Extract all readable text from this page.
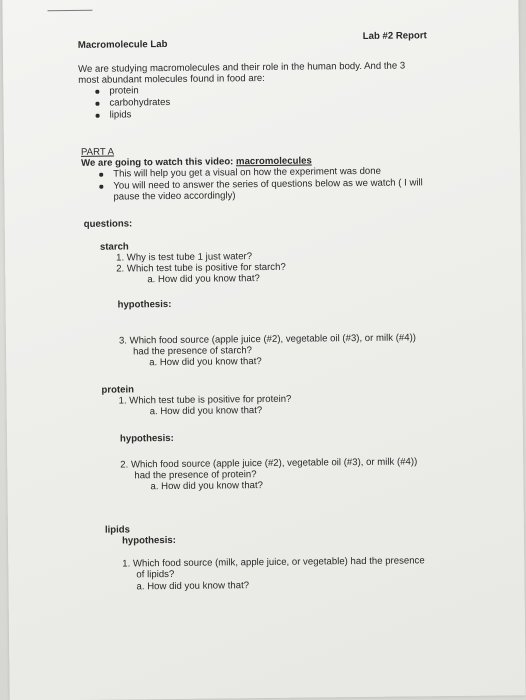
Macromolecule Lab
Lab #2 Report
We are studying macromolecules and their role in the human body. And the 3
most abundant molecules found in food are:
protein
carbohydrates
lipids
PART A
We are going to watch this video: macromolecules
This will help you get a visual on how the experiment was done
You will need to answer the series of questions below as we watch ( I will
pause the video accordingly)
questions:
starch
1. Why is test tube 1 just water?
2. Which test tube is positive for starch?
a. How did you know that?
hypothesis:
3. Which food source (apple juice (#2), vegetable oil (#3), or milk (#4))
had the presence of starch?
a. How did you know that?
protein
1. Which test tube is positive for protein?
a. How did you know that?
hypothesis:
2. Which food source (apple juice (#2), vegetable oil (#3), or milk (#4))
had the presence of protein?
a. How did you know that?
lipids
hypothesis:
1. Which food source (milk, apple juice, or vegetable) had the presence
of lipids?
a. How did you know that?
